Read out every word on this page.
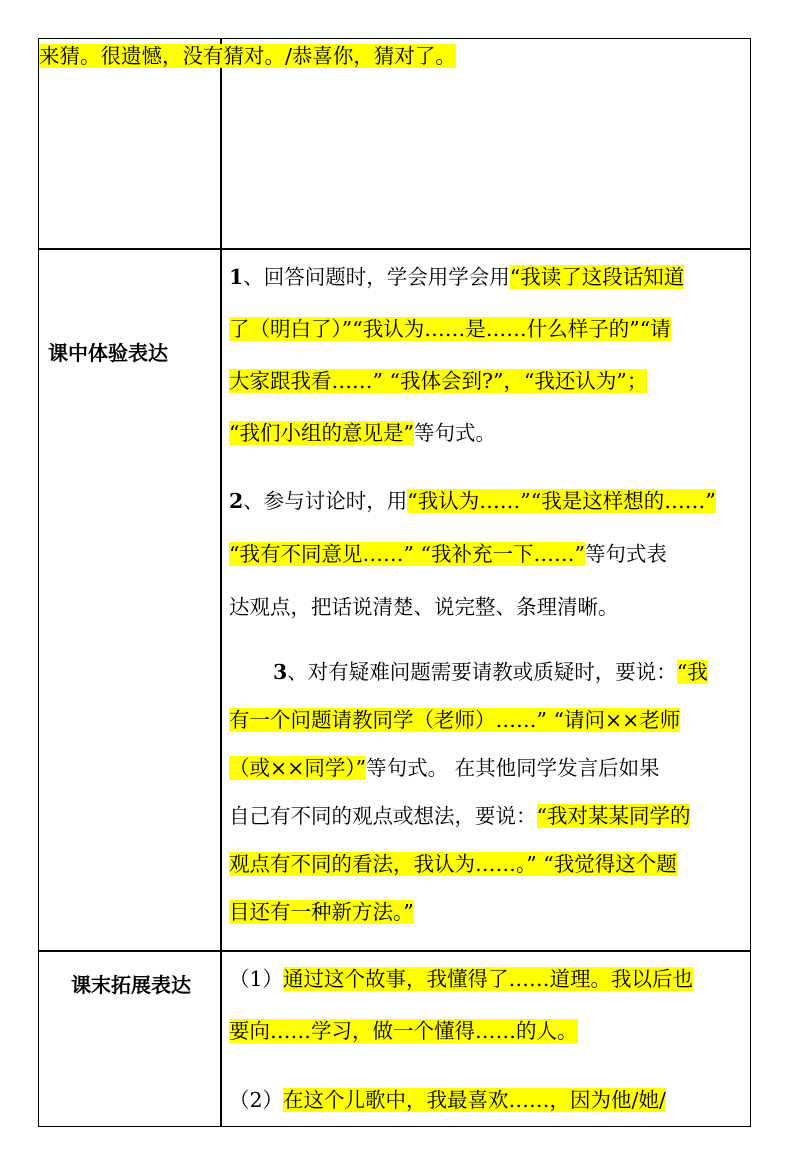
来猜。很遗憾，没有猜对。/恭喜你，猜对了。
课中体验表达
1、回答问题时，学会用学会用“我读了这段话知道
了（明白了）”“我认为……是……什么样子的”“请
大家跟我看……” “我体会到?”，“我还认为”；
“我们小组的意见是”等句式。
2、参与讨论时，用“我认为……”“我是这样想的……”
“我有不同意见……” “我补充一下……”等句式表
达观点，把话说清楚、说完整、条理清晰。
3、对有疑难问题需要请教或质疑时，要说：“我
有一个问题请教同学（老师）……” “请问××老师
（或××同学）”等句式。 在其他同学发言后如果
自己有不同的观点或想法，要说：“我对某某同学的
观点有不同的看法，我认为……。” “我觉得这个题
目还有一种新方法。”
课末拓展表达 （1）通过这个故事，我懂得了……道理。我以后也
要向……学习，做一个懂得……的人。
（2）在这个儿歌中，我最喜欢……，因为他/她/
